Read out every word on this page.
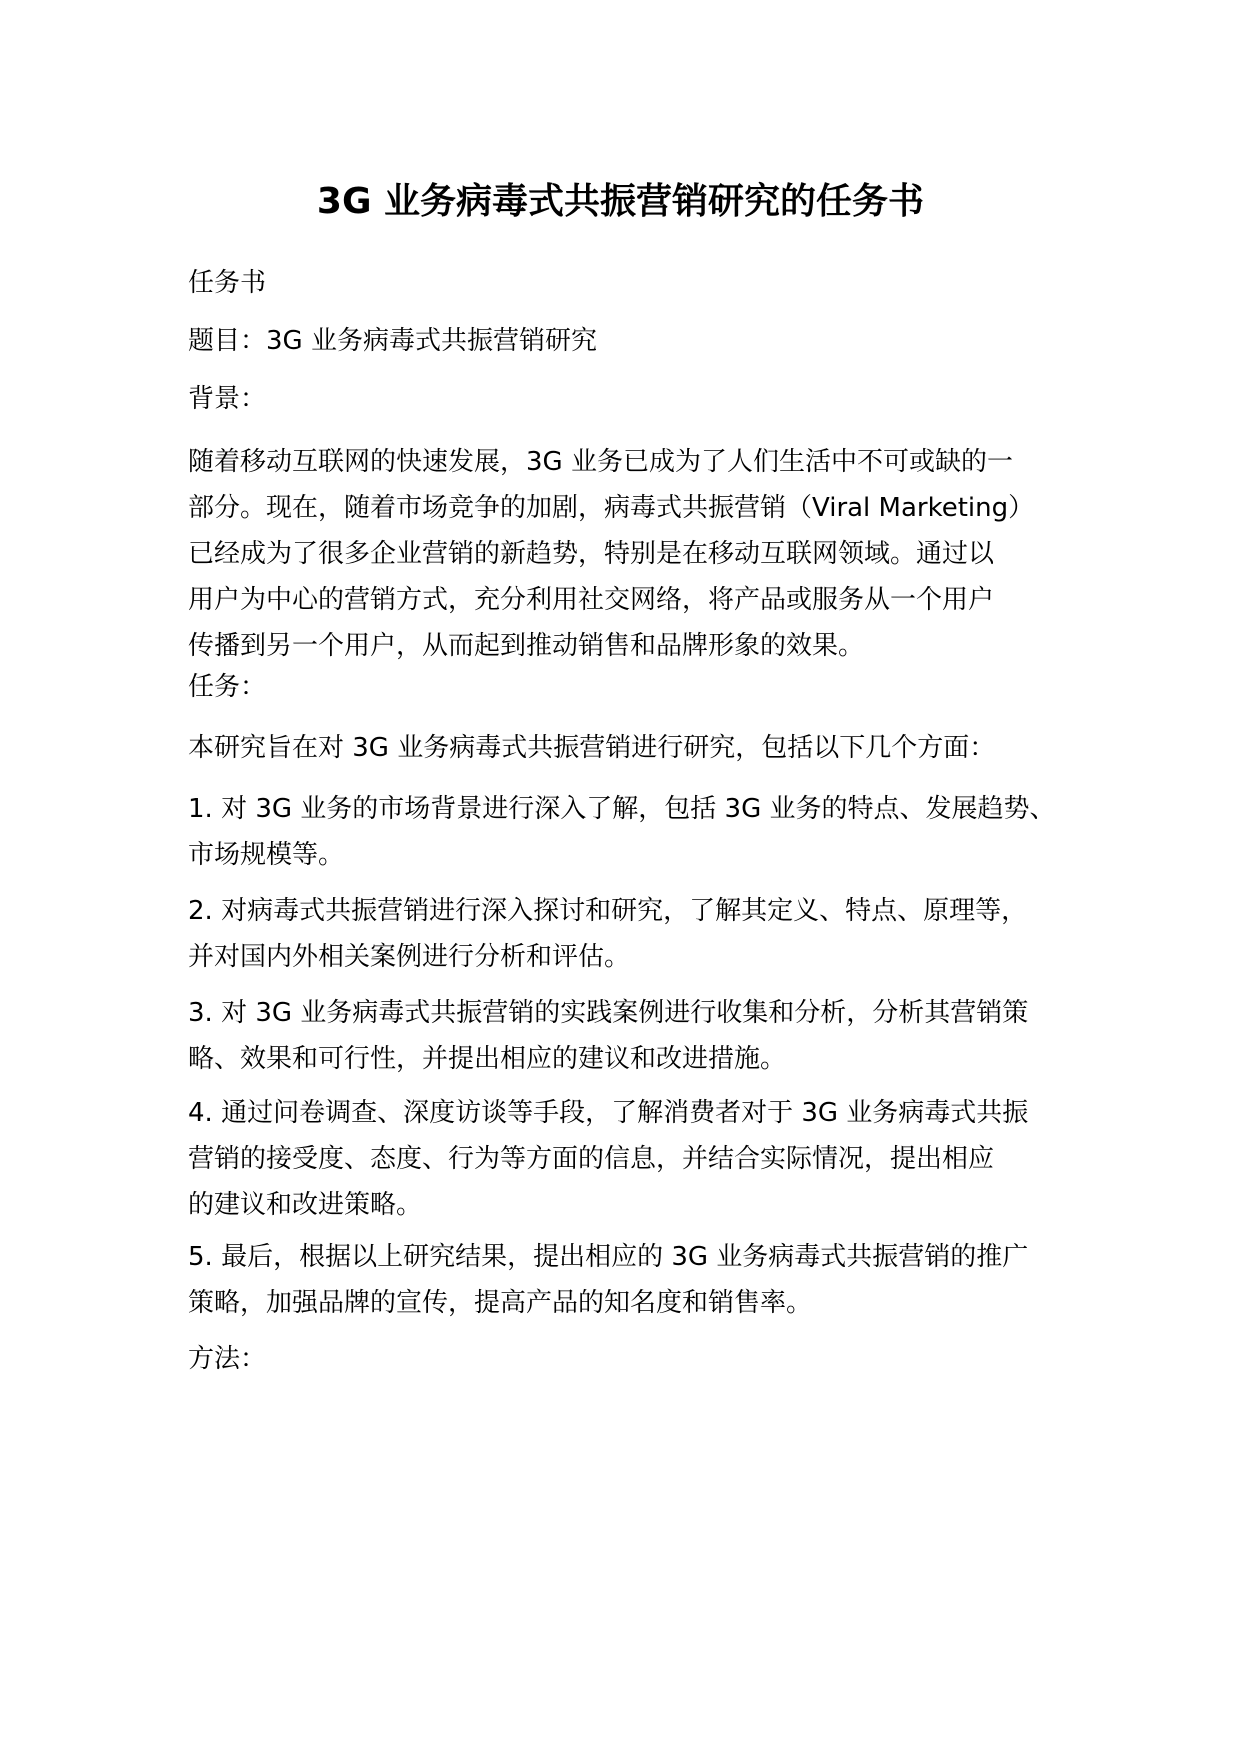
3G 业务病毒式共振营销研究的任务书

任务书

题目：3G 业务病毒式共振营销研究

背景：

随着移动互联网的快速发展，3G 业务已成为了人们生活中不可或缺的一
部分。现在，随着市场竞争的加剧，病毒式共振营销（Viral Marketing）
已经成为了很多企业营销的新趋势，特别是在移动互联网领域。通过以
用户为中心的营销方式，充分利用社交网络，将产品或服务从一个用户
传播到另一个用户，从而起到推动销售和品牌形象的效果。

任务：

本研究旨在对 3G 业务病毒式共振营销进行研究，包括以下几个方面：

1. 对 3G 业务的市场背景进行深入了解，包括 3G 业务的特点、发展趋势、
市场规模等。

2. 对病毒式共振营销进行深入探讨和研究，了解其定义、特点、原理等，
并对国内外相关案例进行分析和评估。

3. 对 3G 业务病毒式共振营销的实践案例进行收集和分析，分析其营销策
略、效果和可行性，并提出相应的建议和改进措施。

4. 通过问卷调查、深度访谈等手段，了解消费者对于 3G 业务病毒式共振
营销的接受度、态度、行为等方面的信息，并结合实际情况，提出相应
的建议和改进策略。

5. 最后，根据以上研究结果，提出相应的 3G 业务病毒式共振营销的推广
策略，加强品牌的宣传，提高产品的知名度和销售率。

方法：
